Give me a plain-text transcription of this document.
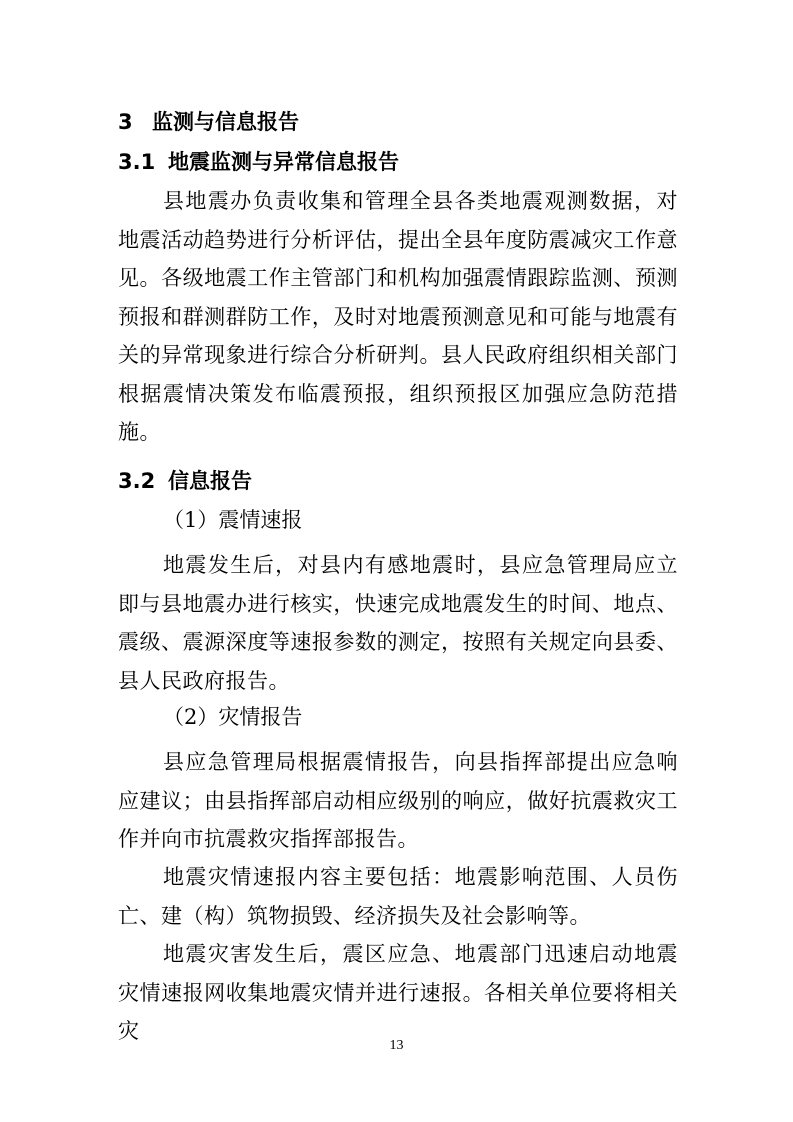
3 监测与信息报告
3.1 地震监测与异常信息报告

县地震办负责收集和管理全县各类地震观测数据，对地震活动趋势进行分析评估，提出全县年度防震减灾工作意见。各级地震工作主管部门和机构加强震情跟踪监测、预测预报和群测群防工作，及时对地震预测意见和可能与地震有关的异常现象进行综合分析研判。县人民政府组织相关部门根据震情决策发布临震预报，组织预报区加强应急防范措施。

3.2 信息报告
（1）震情速报

地震发生后，对县内有感地震时，县应急管理局应立即与县地震办进行核实，快速完成地震发生的时间、地点、震级、震源深度等速报参数的测定，按照有关规定向县委、县人民政府报告。

（2）灾情报告

县应急管理局根据震情报告，向县指挥部提出应急响应建议；由县指挥部启动相应级别的响应，做好抗震救灾工作并向市抗震救灾指挥部报告。

地震灾情速报内容主要包括：地震影响范围、人员伤亡、建（构）筑物损毁、经济损失及社会影响等。

地震灾害发生后，震区应急、地震部门迅速启动地震灾情速报网收集地震灾情并进行速报。各相关单位要将相关灾

13
